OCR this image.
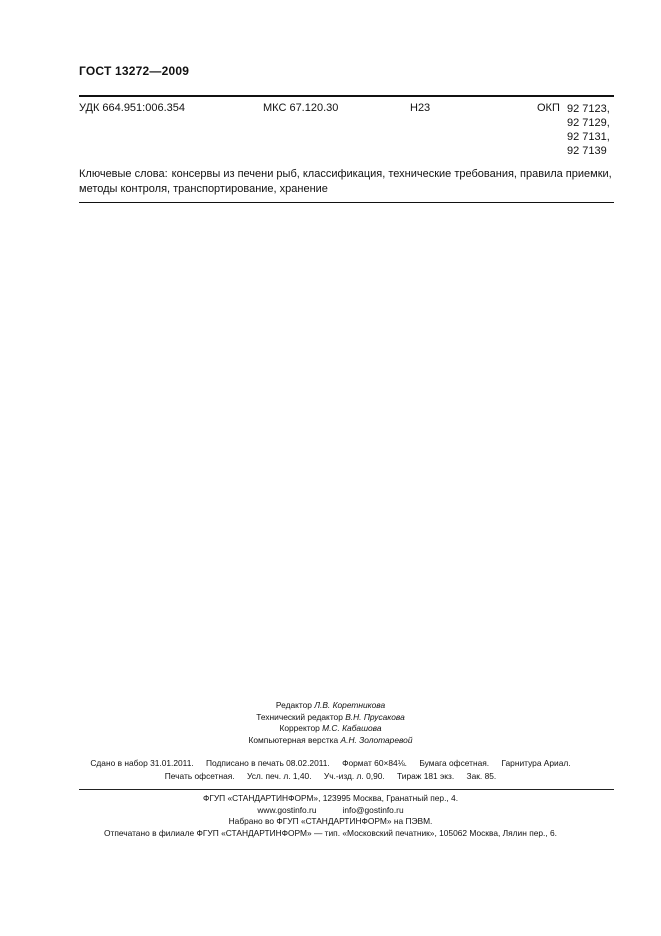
ГОСТ 13272—2009
УДК 664.951:006.354	МКС 67.120.30	Н23	ОКП 92 7123,
92 7129,
92 7131,
92 7139
Ключевые слова: консервы из печени рыб, классификация, технические требования, правила приемки, методы контроля, транспортирование, хранение
Редактор Л.В. Коретникова
Технический редактор В.Н. Прусакова
Корректор М.С. Кабашова
Компьютерная верстка А.Н. Золотаревой
Сдано в набор 31.01.2011. Подписано в печать 08.02.2011. Формат 60×84⅛. Бумага офсетная. Гарнитура Ариал.
Печать офсетная. Усл. печ. л. 1,40. Уч.-изд. л. 0,90. Тираж 181 экз. Зак. 85.
ФГУП «СТАНДАРТИНФОРМ», 123995 Москва, Гранатный пер., 4.
www.gostinfo.ru	info@gostinfo.ru
Набрано во ФГУП «СТАНДАРТИНФОРМ» на ПЭВМ.
Отпечатано в филиале ФГУП «СТАНДАРТИНФОРМ» — тип. «Московский печатник», 105062 Москва, Лялин пер., 6.
